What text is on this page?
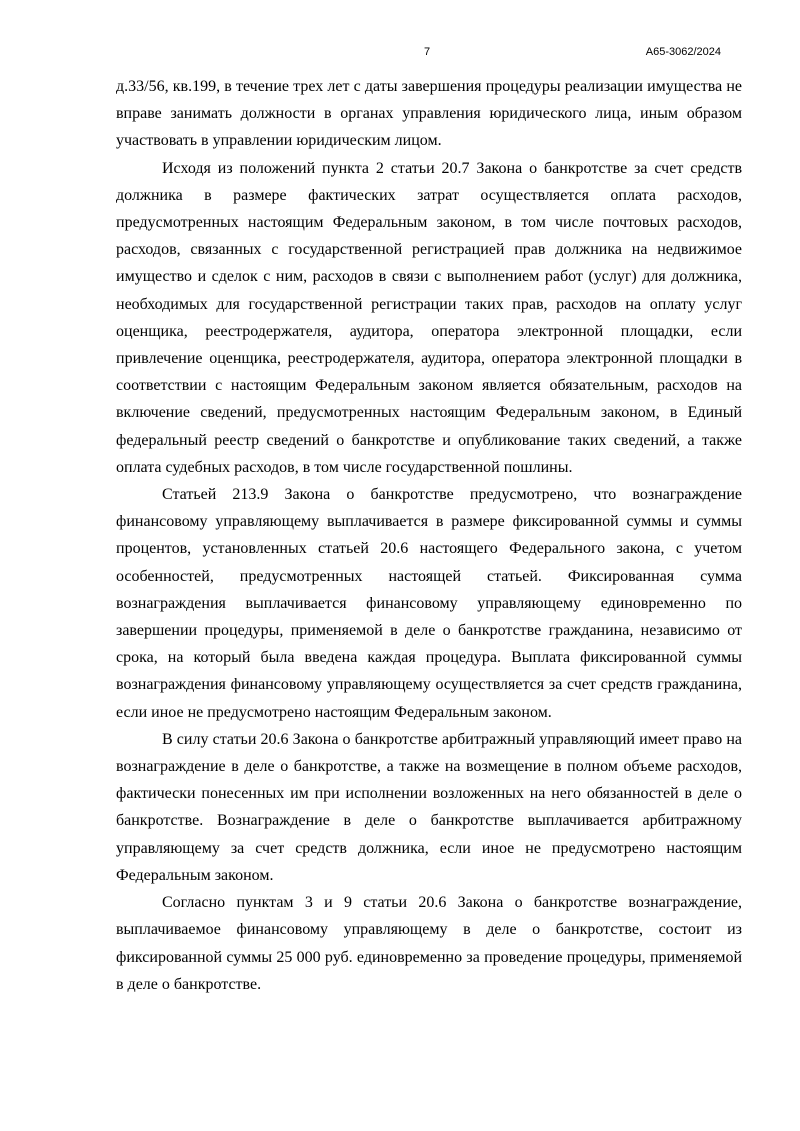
7	А65-3062/2024

д.33/56, кв.199, в течение трех лет с даты завершения процедуры реализации имущества не вправе занимать должности в органах управления юридического лица, иным образом участвовать в управлении юридическим лицом.

Исходя из положений пункта 2 статьи 20.7 Закона о банкротстве за счет средств должника в размере фактических затрат осуществляется оплата расходов, предусмотренных настоящим Федеральным законом, в том числе почтовых расходов, расходов, связанных с государственной регистрацией прав должника на недвижимое имущество и сделок с ним, расходов в связи с выполнением работ (услуг) для должника, необходимых для государственной регистрации таких прав, расходов на оплату услуг оценщика, реестродержателя, аудитора, оператора электронной площадки, если привлечение оценщика, реестродержателя, аудитора, оператора электронной площадки в соответствии с настоящим Федеральным законом является обязательным, расходов на включение сведений, предусмотренных настоящим Федеральным законом, в Единый федеральный реестр сведений о банкротстве и опубликование таких сведений, а также оплата судебных расходов, в том числе государственной пошлины.

Статьей 213.9 Закона о банкротстве предусмотрено, что вознаграждение финансовому управляющему выплачивается в размере фиксированной суммы и суммы процентов, установленных статьей 20.6 настоящего Федерального закона, с учетом особенностей, предусмотренных настоящей статьей. Фиксированная сумма вознаграждения выплачивается финансовому управляющему единовременно по завершении процедуры, применяемой в деле о банкротстве гражданина, независимо от срока, на который была введена каждая процедура. Выплата фиксированной суммы вознаграждения финансовому управляющему осуществляется за счет средств гражданина, если иное не предусмотрено настоящим Федеральным законом.

В силу статьи 20.6 Закона о банкротстве арбитражный управляющий имеет право на вознаграждение в деле о банкротстве, а также на возмещение в полном объеме расходов, фактически понесенных им при исполнении возложенных на него обязанностей в деле о банкротстве. Вознаграждение в деле о банкротстве выплачивается арбитражному управляющему за счет средств должника, если иное не предусмотрено настоящим Федеральным законом.

Согласно пунктам 3 и 9 статьи 20.6 Закона о банкротстве вознаграждение, выплачиваемое финансовому управляющему в деле о банкротстве, состоит из фиксированной суммы 25 000 руб. единовременно за проведение процедуры, применяемой в деле о банкротстве.
